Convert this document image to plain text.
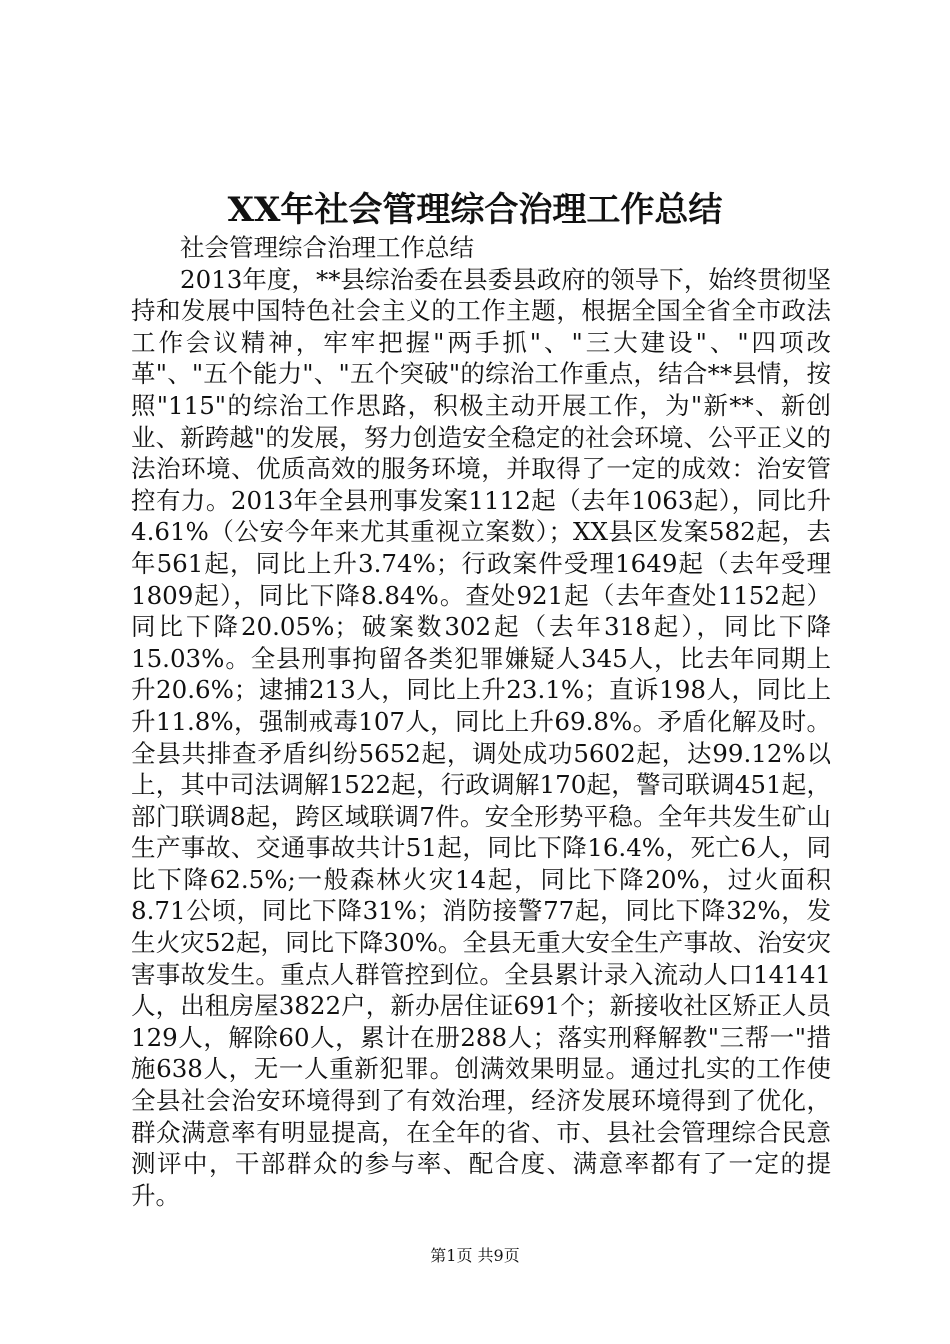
XX年社会管理综合治理工作总结

社会管理综合治理工作总结

2013年度，**县综治委在县委县政府的领导下，始终贯彻坚持和发展中国特色社会主义的工作主题，根据全国全省全市政法工作会议精神，牢牢把握"两手抓"、"三大建设"、"四项改革"、"五个能力"、"五个突破"的综治工作重点，结合**县情，按照"115"的综治工作思路，积极主动开展工作，为"新**、新创业、新跨越"的发展，努力创造安全稳定的社会环境、公平正义的法治环境、优质高效的服务环境，并取得了一定的成效：治安管控有力。2013年全县刑事发案1112起（去年1063起），同比升4.61%（公安今年来尤其重视立案数）；XX县区发案582起，去年561起，同比上升3.74%；行政案件受理1649起（去年受理1809起），同比下降8.84%。查处921起（去年查处1152起）同比下降20.05%；破案数302起（去年318起），同比下降15.03%。全县刑事拘留各类犯罪嫌疑人345人，比去年同期上升20.6%；逮捕213人，同比上升23.1%；直诉198人，同比上升11.8%，强制戒毒107人，同比上升69.8%。矛盾化解及时。全县共排查矛盾纠纷5652起，调处成功5602起，达99.12%以上，其中司法调解1522起，行政调解170起，警司联调451起，部门联调8起，跨区域联调7件。安全形势平稳。全年共发生矿山生产事故、交通事故共计51起，同比下降16.4%，死亡6人，同比下降62.5%;一般森林火灾14起，同比下降20%，过火面积8.71公顷，同比下降31%；消防接警77起，同比下降32%，发生火灾52起，同比下降30%。全县无重大安全生产事故、治安灾害事故发生。重点人群管控到位。全县累计录入流动人口14141人，出租房屋3822户，新办居住证691个；新接收社区矫正人员129人，解除60人，累计在册288人；落实刑释解教"三帮一"措施638人，无一人重新犯罪。创满效果明显。通过扎实的工作使全县社会治安环境得到了有效治理，经济发展环境得到了优化，群众满意率有明显提高，在全年的省、市、县社会管理综合民意测评中，干部群众的参与率、配合度、满意率都有了一定的提升。

第1页 共9页
